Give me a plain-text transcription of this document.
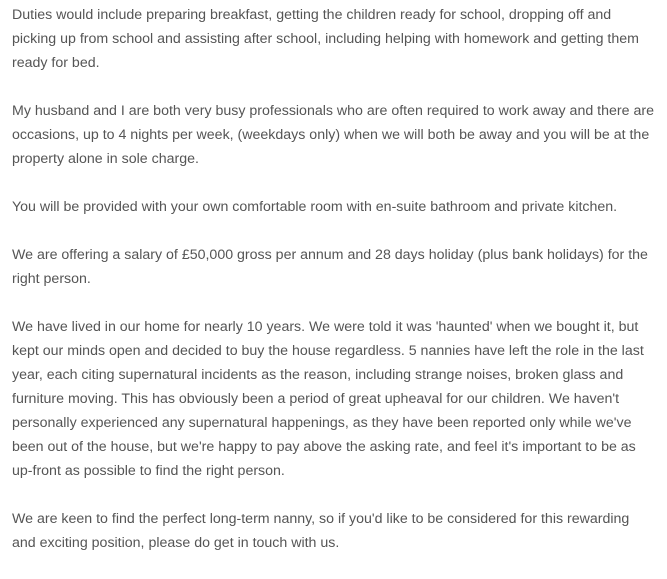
Duties would include preparing breakfast, getting the children ready for school, dropping off and
picking up from school and assisting after school, including helping with homework and getting them
ready for bed.

My husband and I are both very busy professionals who are often required to work away and there are
occasions, up to 4 nights per week, (weekdays only) when we will both be away and you will be at the
property alone in sole charge.

You will be provided with your own comfortable room with en-suite bathroom and private kitchen.

We are offering a salary of £50,000 gross per annum and 28 days holiday (plus bank holidays) for the
right person.

We have lived in our home for nearly 10 years. We were told it was 'haunted' when we bought it, but
kept our minds open and decided to buy the house regardless. 5 nannies have left the role in the last
year, each citing supernatural incidents as the reason, including strange noises, broken glass and
furniture moving. This has obviously been a period of great upheaval for our children. We haven't
personally experienced any supernatural happenings, as they have been reported only while we've
been out of the house, but we're happy to pay above the asking rate, and feel it's important to be as
up-front as possible to find the right person.

We are keen to find the perfect long-term nanny, so if you'd like to be considered for this rewarding
and exciting position, please do get in touch with us.
